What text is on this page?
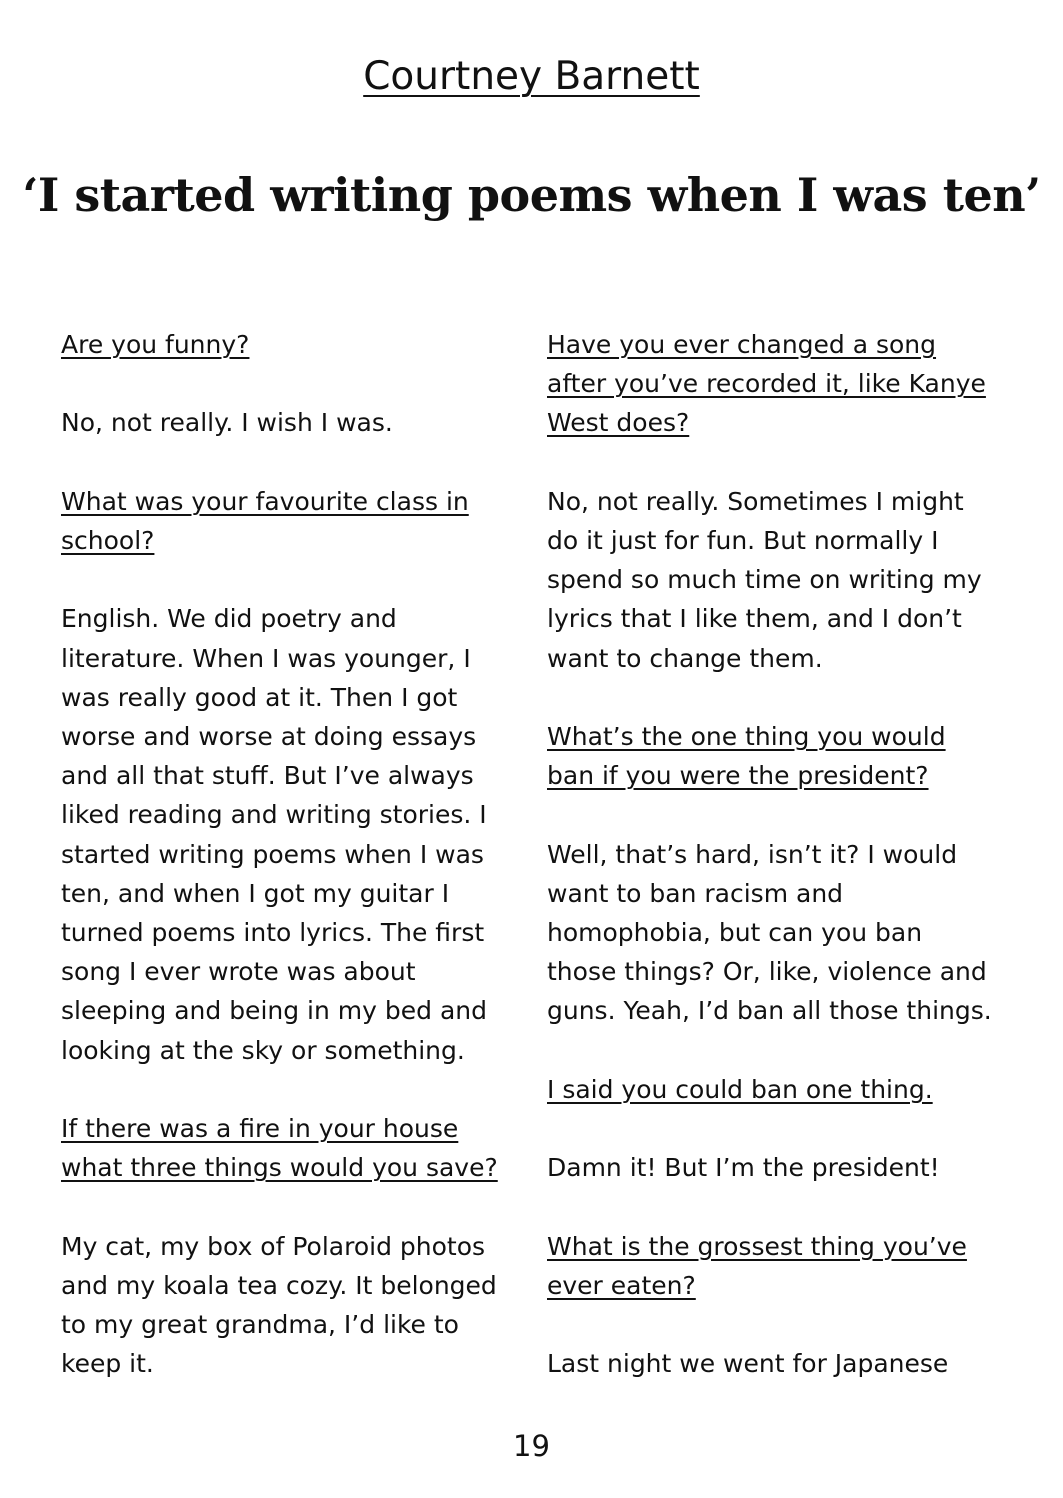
Courtney Barnett
‘I started writing poems when I was ten’

Are you funny?

No, not really. I wish I was.

What was your favourite class in school?

English. We did poetry and literature. When I was younger, I was really good at it. Then I got worse and worse at doing essays and all that stuff. But I’ve always liked reading and writing stories. I started writing poems when I was ten, and when I got my guitar I turned poems into lyrics. The first song I ever wrote was about sleeping and being in my bed and looking at the sky or something.

If there was a fire in your house what three things would you save?

My cat, my box of Polaroid photos and my koala tea cozy. It belonged to my great grandma, I’d like to keep it.

Have you ever changed a song after you’ve recorded it, like Kanye West does?

No, not really. Sometimes I might do it just for fun. But normally I spend so much time on writing my lyrics that I like them, and I don’t want to change them.

What’s the one thing you would ban if you were the president?

Well, that’s hard, isn’t it? I would want to ban racism and homophobia, but can you ban those things? Or, like, violence and guns. Yeah, I’d ban all those things.

I said you could ban one thing.

Damn it! But I’m the president!

What is the grossest thing you’ve ever eaten?

Last night we went for Japanese

19
